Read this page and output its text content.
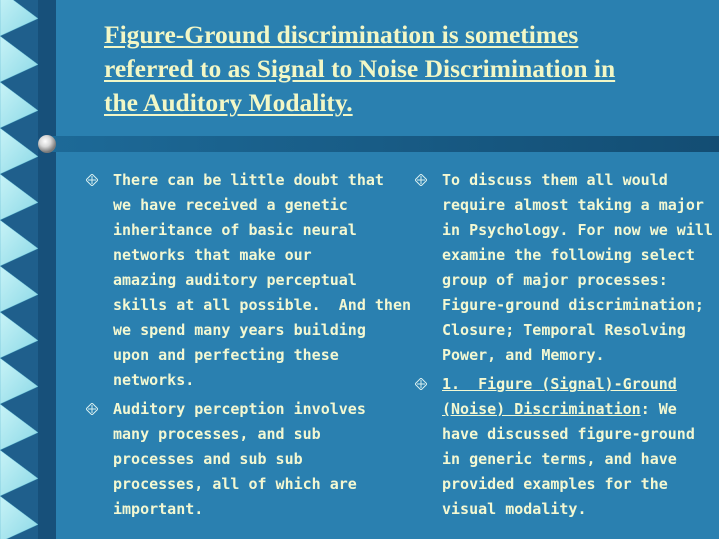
Figure-Ground discrimination is sometimes
referred to as Signal to Noise Discrimination in
the Auditory Modality.
There can be little doubt that
we have received a genetic
inheritance of basic neural
networks that make our
amazing auditory perceptual
skills at all possible.  And then
we spend many years building
upon and perfecting these
networks.
Auditory perception involves
many processes, and sub
processes and sub sub
processes, all of which are
important.
To discuss them all would
require almost taking a major
in Psychology. For now we will
examine the following select
group of major processes:
Figure-ground discrimination;
Closure; Temporal Resolving
Power, and Memory.
1.  Figure (Signal)-Ground
(Noise) Discrimination: We
have discussed figure-ground
in generic terms, and have
provided examples for the
visual modality.
